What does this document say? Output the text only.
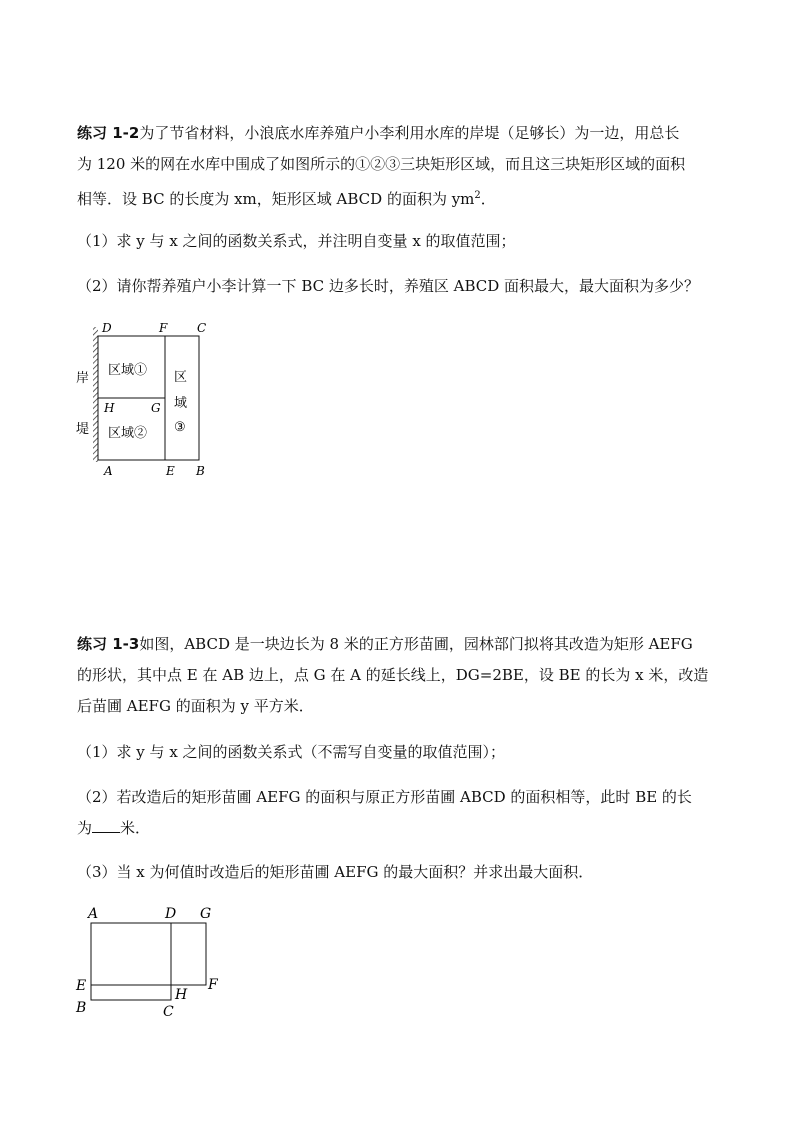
练习 1-2为了节省材料，小浪底水库养殖户小李利用水库的岸堤（足够长）为一边，用总长
为 120 米的网在水库中围成了如图所示的①②③三块矩形区域，而且这三块矩形区域的面积
相等．设 BC 的长度为 xm，矩形区域 ABCD 的面积为 $ym^2$．

（1）求 y 与 x 之间的函数关系式，并注明自变量 x 的取值范围；

（2）请你帮养殖户小李计算一下 BC 边多长时，养殖区 ABCD 面积最大，最大面积为多少？

D	F C
H	G
A	E B
岸
堤
区域①
区域②
区
域
③

练习 1-3如图，ABCD 是一块边长为 8 米的正方形苗圃，园林部门拟将其改造为矩形 AEFG
的形状，其中点 E 在 AB 边上，点 G 在 A 的延长线上，DG=2BE，设 BE 的长为 x 米，改造
后苗圃 AEFG 的面积为 y 平方米．

（1）求 y 与 x 之间的函数关系式（不需写自变量的取值范围）；

（2）若改造后的矩形苗圃 AEFG 的面积与原正方形苗圃 ABCD 的面积相等，此时 BE 的长
为 米．

（3）当 x 为何值时改造后的矩形苗圃 AEFG 的最大面积？并求出最大面积．

A	D G
E	F
B
H
C
